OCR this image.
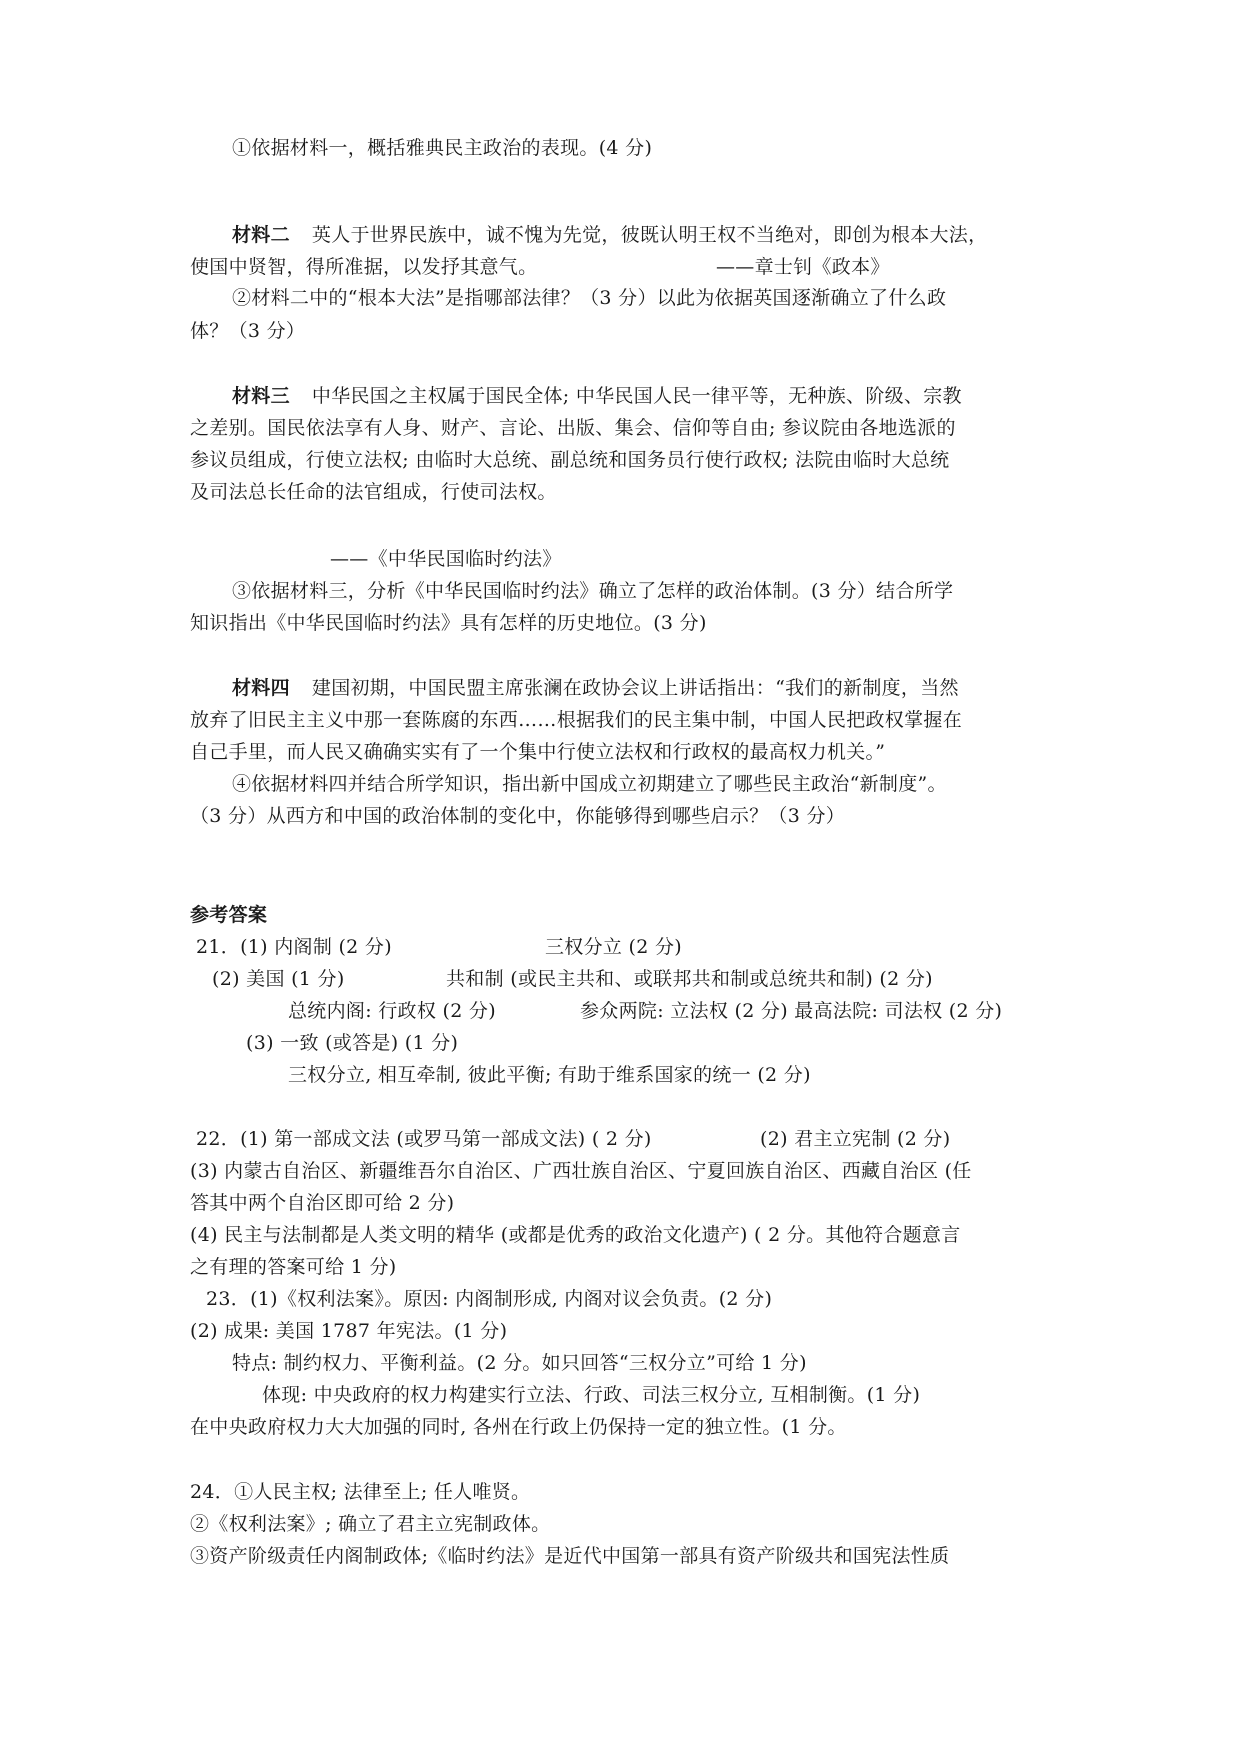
①依据材料一，概括雅典民主政治的表现。(4 分)
材料二 英人于世界民族中，诚不愧为先觉，彼既认明王权不当绝对，即创为根本大法，
使国中贤智，得所准据，以发抒其意气。	——章士钊《政本》
②材料二中的“根本大法”是指哪部法律？（3 分）以此为依据英国逐渐确立了什么政
体？（3 分）
材料三 中华民国之主权属于国民全体; 中华民国人民一律平等，无种族、阶级、宗教
之差别。国民依法享有人身、财产、言论、出版、集会、信仰等自由; 参议院由各地选派的
参议员组成，行使立法权; 由临时大总统、副总统和国务员行使行政权; 法院由临时大总统
及司法总长任命的法官组成，行使司法权。
——《中华民国临时约法》
③依据材料三，分析《中华民国临时约法》确立了怎样的政治体制。(3 分）结合所学
知识指出《中华民国临时约法》具有怎样的历史地位。(3 分)
材料四 建国初期，中国民盟主席张澜在政协会议上讲话指出：“我们的新制度，当然
放弃了旧民主主义中那一套陈腐的东西……根据我们的民主集中制，中国人民把政权掌握在
自己手里，而人民又确确实实有了一个集中行使立法权和行政权的最高权力机关。”
④依据材料四并结合所学知识，指出新中国成立初期建立了哪些民主政治“新制度”。
（3 分）从西方和中国的政治体制的变化中，你能够得到哪些启示？（3 分）
参考答案
21．(1) 内阁制 (2 分)	三权分立 (2 分)
(2) 美国 (1 分)	共和制 (或民主共和、或联邦共和制或总统共和制) (2 分)
总统内阁: 行政权 (2 分)	参众两院: 立法权 (2 分) 最高法院: 司法权 (2 分)
(3) 一致 (或答是) (1 分)
三权分立, 相互牵制, 彼此平衡; 有助于维系国家的统一 (2 分)
22．(1) 第一部成文法 (或罗马第一部成文法) ( 2 分)	(2) 君主立宪制 (2 分)
(3) 内蒙古自治区、新疆维吾尔自治区、广西壮族自治区、宁夏回族自治区、西藏自治区 (任
答其中两个自治区即可给 2 分)
(4) 民主与法制都是人类文明的精华 (或都是优秀的政治文化遗产) ( 2 分。其他符合题意言
之有理的答案可给 1 分)
23．(1)《权利法案》。原因: 内阁制形成, 内阁对议会负责。(2 分)
(2) 成果: 美国 1787 年宪法。(1 分)
特点: 制约权力、平衡利益。(2 分。如只回答“三权分立”可给 1 分)
体现: 中央政府的权力构建实行立法、行政、司法三权分立, 互相制衡。(1 分)
在中央政府权力大大加强的同时, 各州在行政上仍保持一定的独立性。(1 分。
24．①人民主权; 法律至上; 任人唯贤。
②《权利法案》; 确立了君主立宪制政体。
③资产阶级责任内阁制政体;《临时约法》是近代中国第一部具有资产阶级共和国宪法性质
